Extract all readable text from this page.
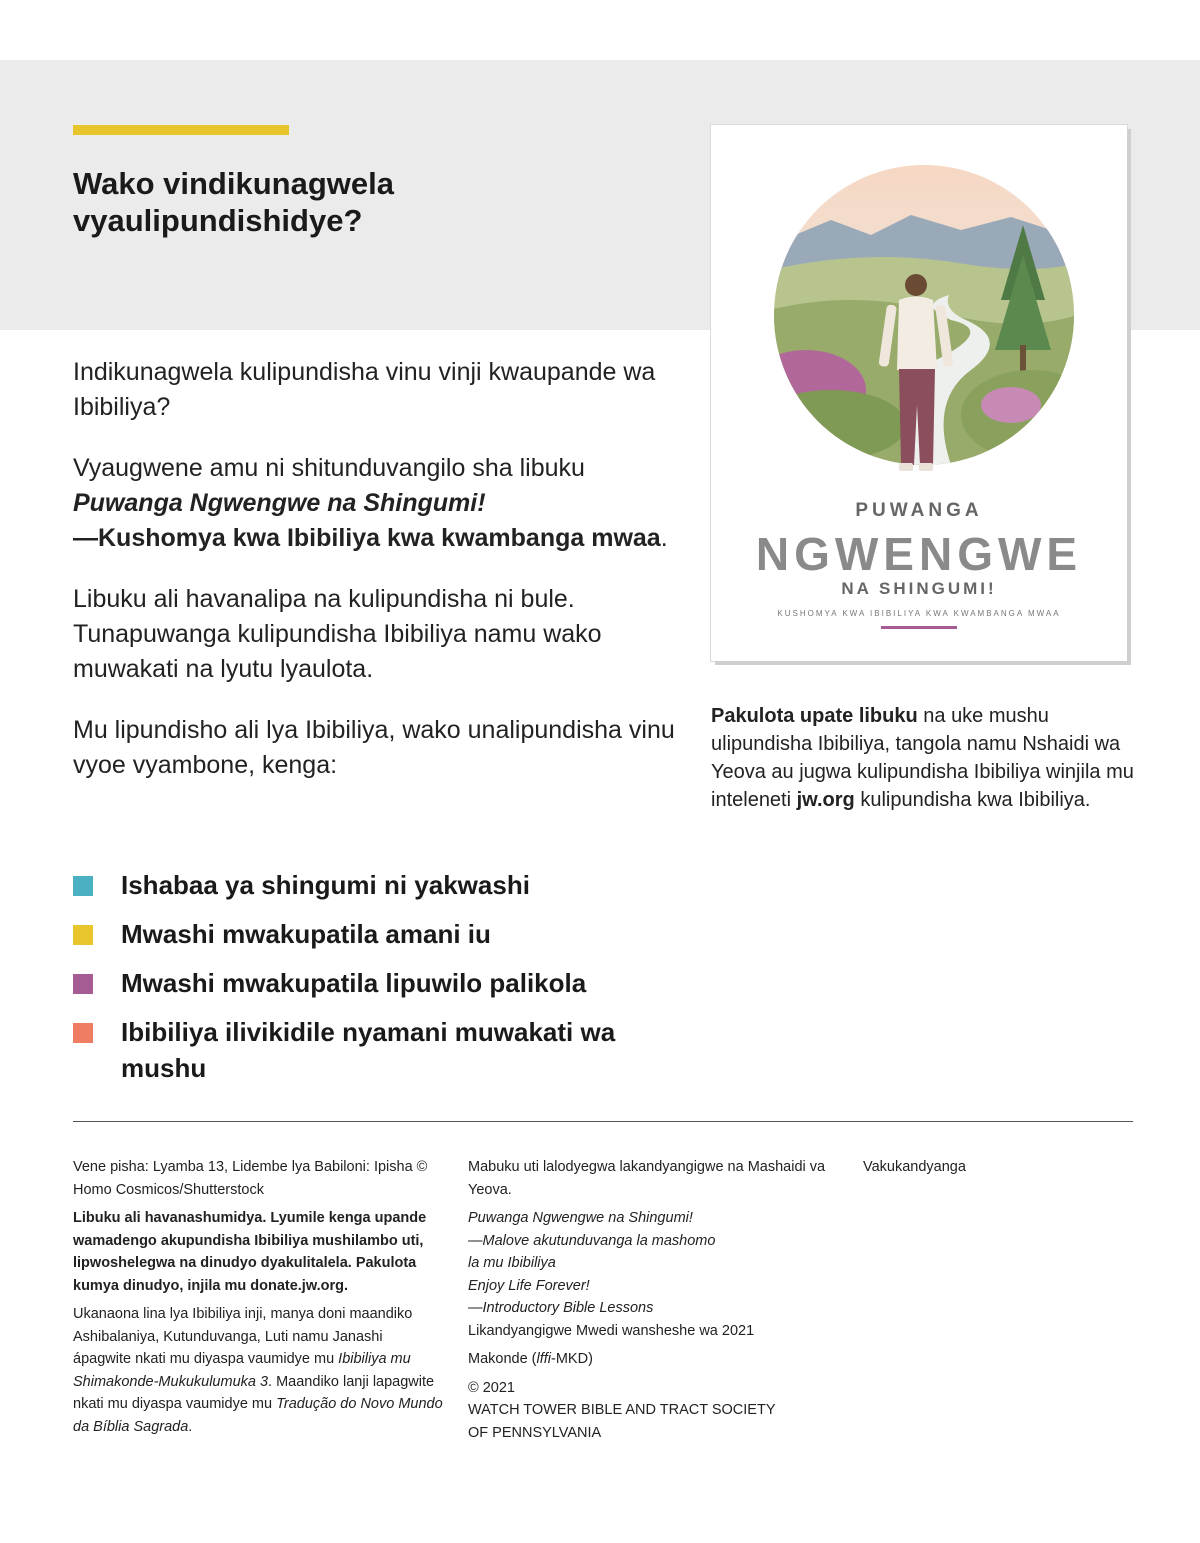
Wako vindikunagwela vyaulipundishidye?

Indikunagwela kulipundisha vinu vinji kwaupande wa Ibibiliya?

Vyaugwene amu ni shitunduvangilo sha libuku
Puwanga Ngwengwe na Shingumi!
—Kushomya kwa Ibibiliya kwa kwambanga mwaa.

Libuku ali havanalipa na kulipundisha ni bule. Tunapuwanga kulipundisha Ibibiliya namu wako muwakati na lyutu lyaulota.

Mu lipundisho ali lya Ibibiliya, wako unalipundisha vinu vyoe vyambone, kenga:

Ishabaa ya shingumi ni yakwashi
Mwashi mwakupatila amani iu
Mwashi mwakupatila lipuwilo palikola
Ibibiliya ilivikidile nyamani muwakati wa mushu
PUWANGA
NGWENGWE
NA SHINGUMI!
KUSHOMYA KWA IBIBILIYA KWA KWAMBANGA MWAA

Pakulota upate libuku na uke mushu ulipundisha Ibibiliya, tangola namu Nshaidi wa Yeova au jugwa kulipundisha Ibibiliya winjila mu inteleneti jw.org kulipundisha kwa Ibibiliya.

Vene pisha: Lyamba 13, Lidembe lya Babiloni: Ipisha © Homo Cosmicos/Shutterstock

Libuku ali havanashumidya. Lyumile kenga upande wamadengo akupundisha Ibibiliya mushilambo uti, lipwoshelegwa na dinudyo dyakulitalela. Pakulota kumya dinudyo, injila mu donate.jw.org.

Ukanaona lina lya Ibibiliya inji, manya doni maandiko Ashibalaniya, Kutunduvanga, Luti namu Janashi ápagwite nkati mu diyaspa vaumidye mu Ibibiliya mu Shimakonde-Mukukulumuka 3. Maandiko lanji lapagwite nkati mu diyaspa vaumidye mu Tradução do Novo Mundo da Bíblia Sagrada.

Mabuku uti lalodyegwa lakandyangigwe na Mashaidi va Yeova.

Puwanga Ngwengwe na Shingumi!
—Malove akutunduvanga la mashomo
la mu Ibibiliya
Enjoy Life Forever!
—Introductory Bible Lessons
Likandyangigwe Mwedi wansheshe wa 2021

Makonde (lffi-MKD)

© 2021
WATCH TOWER BIBLE AND TRACT SOCIETY
OF PENNSYLVANIA

Vakukandyanga
